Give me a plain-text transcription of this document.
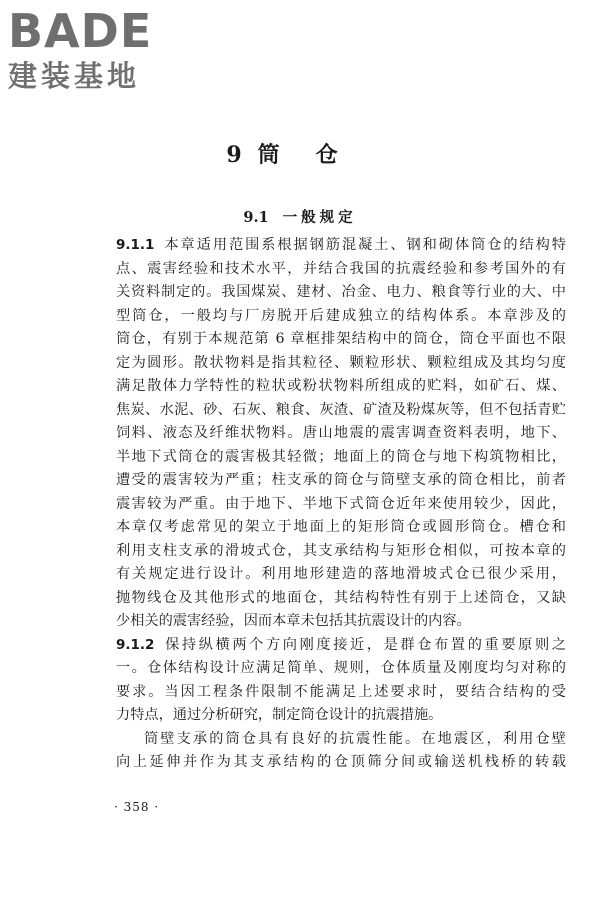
BADE
建装基地
9 筒仓
9.1 一般规定
9.1.1 本章适用范围系根据钢筋混凝土、钢和砌体筒仓的结构特
点、震害经验和技术水平，并结合我国的抗震经验和参考国外的有
关资料制定的。我国煤炭、建材、冶金、电力、粮食等行业的大、中
型筒仓，一般均与厂房脱开后建成独立的结构体系。本章涉及的
筒仓，有别于本规范第 6 章框排架结构中的筒仓，筒仓平面也不限
定为圆形。散状物料是指其粒径、颗粒形状、颗粒组成及其均匀度
满足散体力学特性的粒状或粉状物料所组成的贮料，如矿石、煤、
焦炭、水泥、砂、石灰、粮食、灰渣、矿渣及粉煤灰等，但不包括青贮
饲料、液态及纤维状物料。唐山地震的震害调查资料表明，地下、
半地下式筒仓的震害极其轻微；地面上的筒仓与地下构筑物相比，
遭受的震害较为严重；柱支承的筒仓与筒壁支承的筒仓相比，前者
震害较为严重。由于地下、半地下式筒仓近年来使用较少，因此，
本章仅考虑常见的架立于地面上的矩形筒仓或圆形筒仓。槽仓和
利用支柱支承的滑坡式仓，其支承结构与矩形仓相似，可按本章的
有关规定进行设计。利用地形建造的落地滑坡式仓已很少采用，
抛物线仓及其他形式的地面仓，其结构特性有别于上述筒仓，又缺
少相关的震害经验，因而本章未包括其抗震设计的内容。
9.1.2 保持纵横两个方向刚度接近，是群仓布置的重要原则之
一。仓体结构设计应满足简单、规则，仓体质量及刚度均匀对称的
要求。当因工程条件限制不能满足上述要求时，要结合结构的受
力特点，通过分析研究，制定筒仓设计的抗震措施。
筒壁支承的筒仓具有良好的抗震性能。在地震区，利用仓壁
向上延伸并作为其支承结构的仓顶筛分间或输送机栈桥的转载
· 358 ·
